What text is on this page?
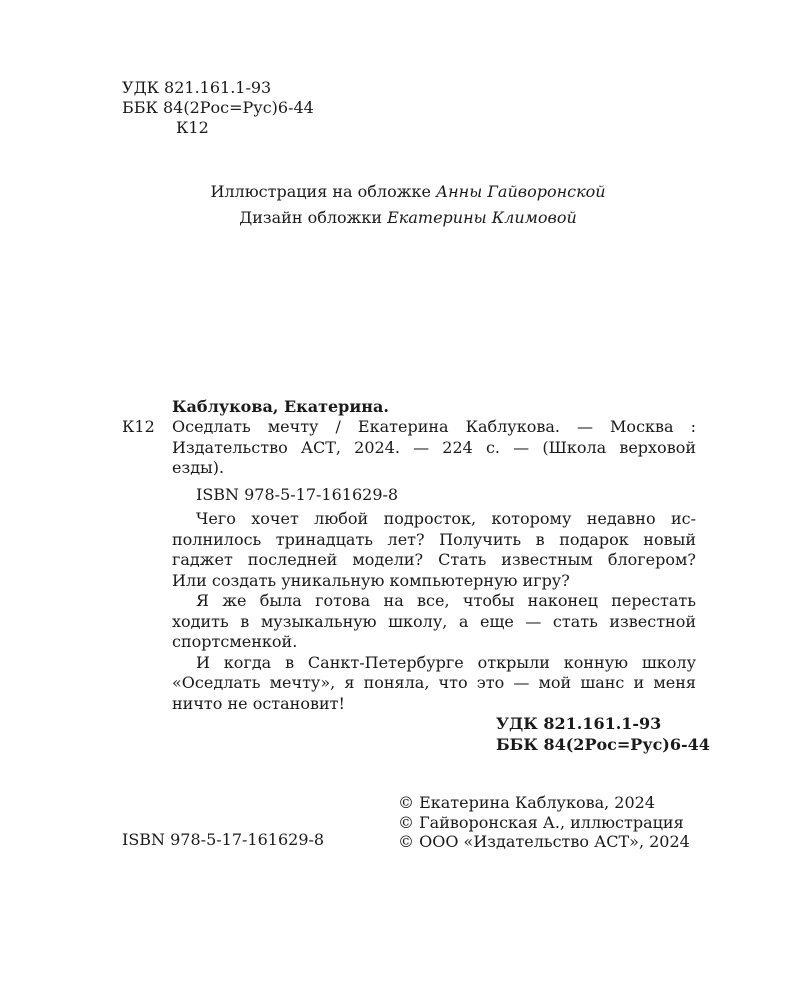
УДК 821.161.1-93
ББК 84(2Рос=Рус)6-44
К12
Иллюстрация на обложке Анны Гайворонской
Дизайн обложки Екатерины Климовой
Каблукова, Екатерина.
К12 Оседлать мечту / Екатерина Каблукова. — Москва :
Издательство АСТ, 2024. — 224 с. — (Школа верховой
езды).
ISBN 978-5-17-161629-8
Чего хочет любой подросток, которому недавно ис-
полнилось тринадцать лет? Получить в подарок новый
гаджет последней модели? Стать известным блогером?
Или создать уникальную компьютерную игру?
Я же была готова на все, чтобы наконец перестать
ходить в музыкальную школу, а еще — стать известной
спортсменкой.
И когда в Санкт-Петербурге открыли конную школу
«Оседлать мечту», я поняла, что это — мой шанс и меня
ничто не остановит!
УДК 821.161.1-93
ББК 84(2Рос=Рус)6-44
ISBN 978-5-17-161629-8
© Екатерина Каблукова, 2024
© Гайворонская А., иллюстрация
© ООО «Издательство АСТ», 2024
